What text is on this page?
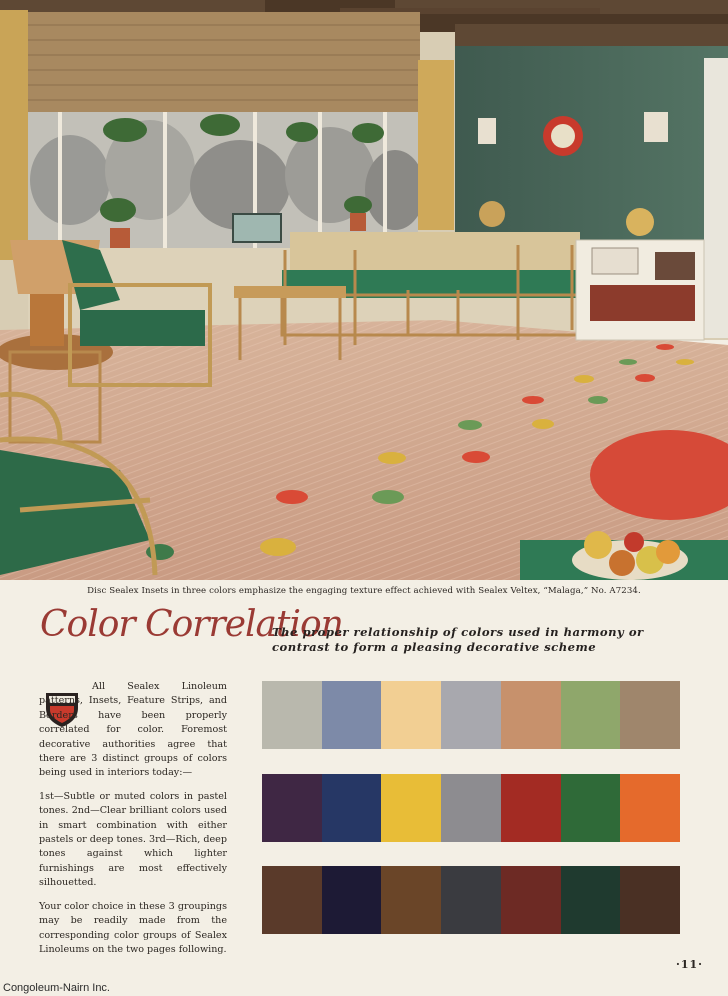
Disc Sealex Insets in three colors emphasize the engaging texture effect achieved with Sealex Veltex, “Malaga,” No. A7234.
Color Correlation
The proper relationship of colors used in harmony or contrast to form a pleasing decorative scheme

All Sealex Linoleum patterns, Insets, Feature Strips, and Borders have been properly correlated for color. Foremost decorative authorities agree that there are 3 distinct groups of colors being used in interiors today:—

1st—Subtle or muted colors in pastel tones. 2nd—Clear brilliant colors used in smart combination with either pastels or deep tones. 3rd—Rich, deep tones against which lighter furnishings are most effectively silhouetted.

Your color choice in these 3 groupings may be readily made from the corresponding color groups of Sealex Linoleums on the two pages following.

·11·
Congoleum-Nairn Inc.
